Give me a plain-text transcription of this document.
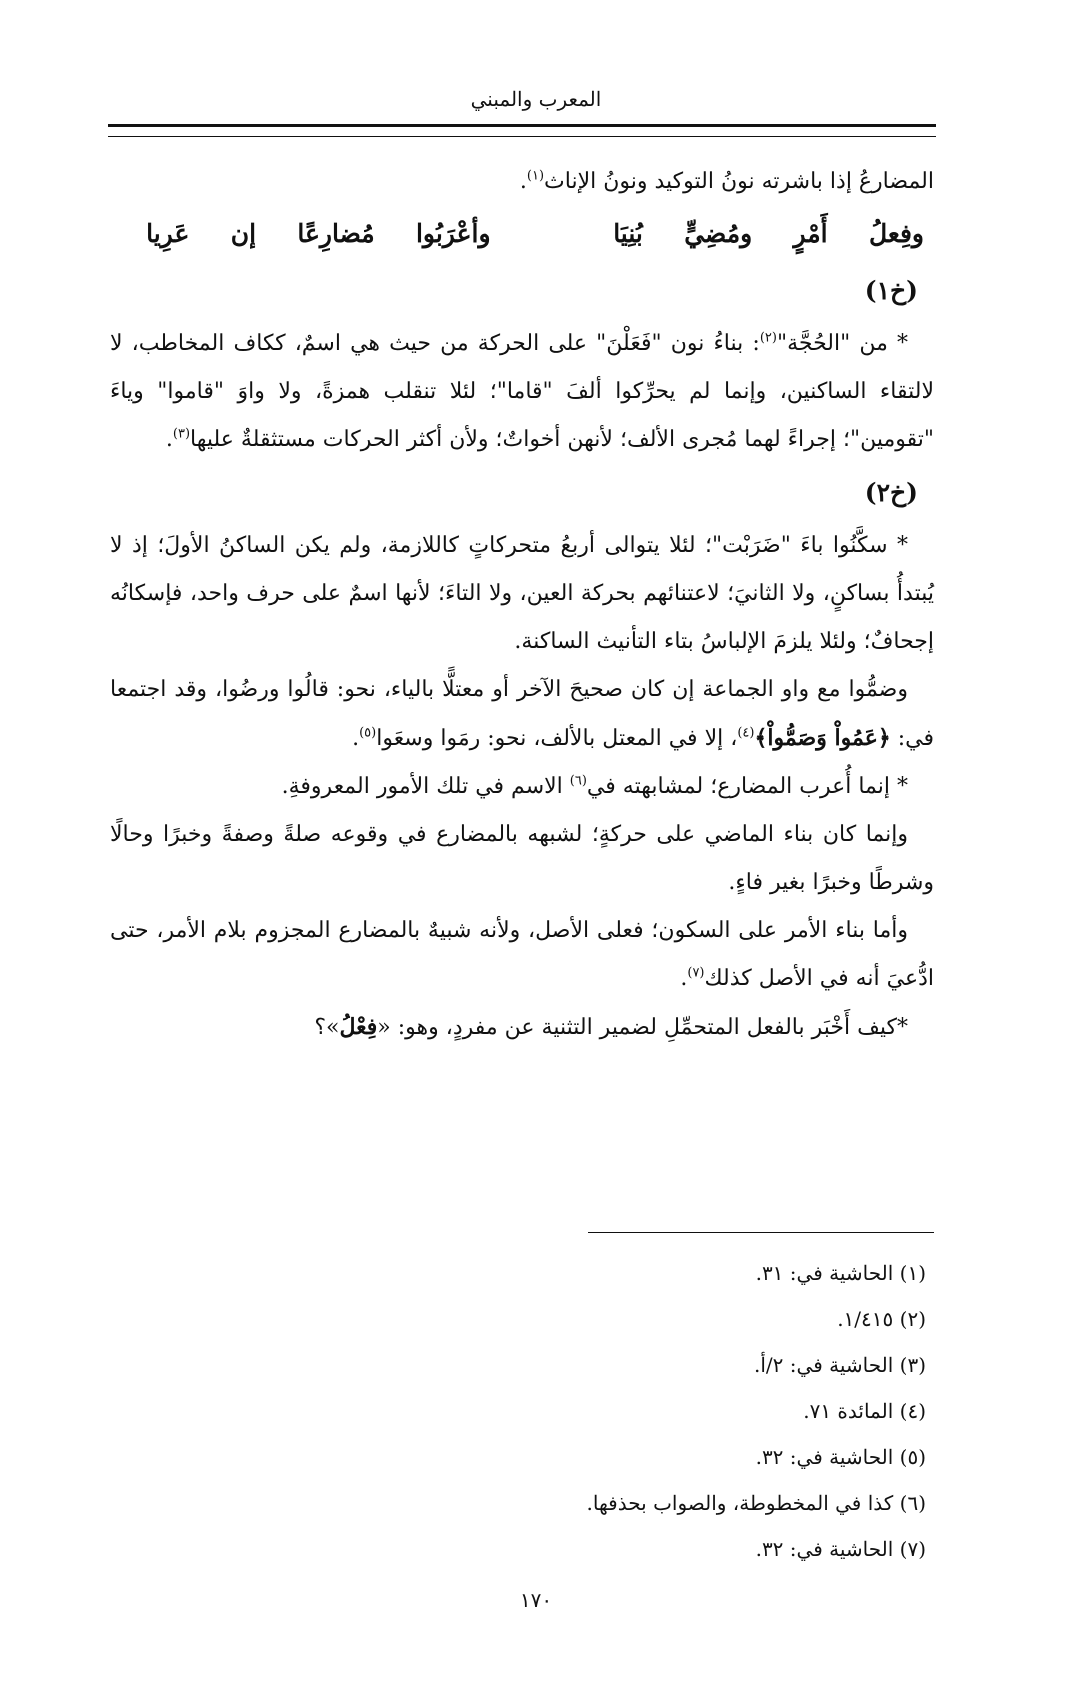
المعرب والمبني

المضارعُ إذا باشرته نونُ التوكيد ونونُ الإناث$^{(١)}$.

وفِعلُ
أَمْرٍ
ومُضِيٍّ
بُنِيَا
وأعْرَبُوا
مُضارِعًا
إن
عَرِيا
(خ١)

* من "الحُجَّة"$^{(٢)}$: بناءُ نون "فَعَلْنَ" على الحركة من حيث هي اسمٌ، ككاف المخاطب، لا لالتقاء الساكنين، وإنما لم يحرِّكوا ألفَ "قاما"؛ لئلا تنقلب همزةً، ولا واوَ "قاموا" وياءَ "تقومين"؛ إجراءً لهما مُجرى الألف؛ لأنهن أخواتٌ؛ ولأن أكثر الحركات مستثقلةٌ عليها$^{(٣)}$.

(خ٢)

* سكَّنُوا باءَ "ضَرَبْت"؛ لئلا يتوالى أربعُ متحركاتٍ كاللازمة، ولم يكن الساكنُ الأولَ؛ إذ لا يُبتدأُ بساكنٍ، ولا الثانيَ؛ لاعتنائهم بحركة العين، ولا التاءَ؛ لأنها اسمٌ على حرف واحد، فإسكانُه إجحافٌ؛ ولئلا يلزمَ الإلباسُ بتاء التأنيث الساكنة.

وضمُّوا مع واو الجماعة إن كان صحيحَ الآخر أو معتلًّا بالياء، نحو: قالُوا ورضُوا، وقد اجتمعا في: ﴿عَمُواْ وَصَمُّواْ﴾$^{(٤)}$، إلا في المعتل بالألف، نحو: رمَوا وسعَوا$^{(٥)}$.

* إنما أُعرب المضارع؛ لمشابهته في$^{(٦)}$ الاسم في تلك الأمور المعروفةِ.

وإنما كان بناء الماضي على حركةٍ؛ لشبهه بالمضارع في وقوعه صلةً وصفةً وخبرًا وحالًا وشرطًا وخبرًا بغير فاءٍ.

وأما بناء الأمر على السكون؛ فعلى الأصل، ولأنه شبيهٌ بالمضارع المجزوم بلام الأمر، حتى ادُّعيَ أنه في الأصل كذلك$^{(٧)}$.

*كيف أَخْبَر بالفعل المتحمِّلِ لضمير التثنية عن مفردٍ، وهو: «فِعْلُ»؟

(١) الحاشية في: ٣١.
(٢) ١/٤١٥.
(٣) الحاشية في: ٢/أ.
(٤) المائدة ٧١.
(٥) الحاشية في: ٣٢.
(٦) كذا في المخطوطة، والصواب بحذفها.
(٧) الحاشية في: ٣٢.
١٧٠
